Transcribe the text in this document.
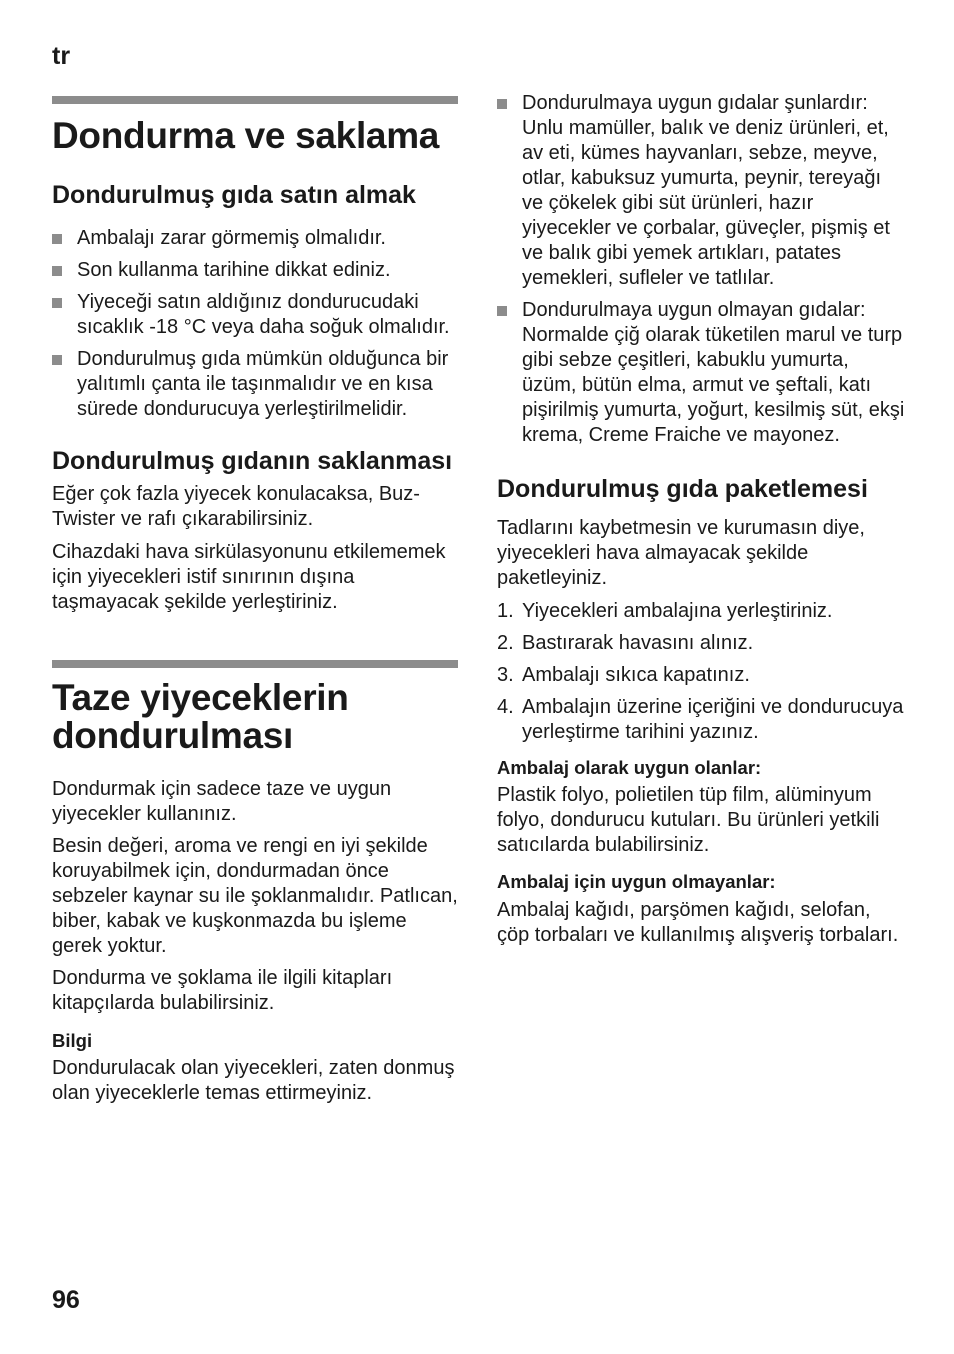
tr
Dondurma ve saklama
Dondurulmuş gıda satın almak
Ambalajı zarar görmemiş olmalıdır.
Son kullanma tarihine dikkat ediniz.
Yiyeceği satın aldığınız dondurucudaki sıcaklık -18 °C veya daha soğuk olmalıdır.
Dondurulmuş gıda mümkün olduğunca bir yalıtımlı çanta ile taşınmalıdır ve en kısa sürede dondurucuya yerleştirilmelidir.
Dondurulmuş gıdanın saklanması

Eğer çok fazla yiyecek konulacaksa, Buz-Twister ve rafı çıkarabilirsiniz.

Cihazdaki hava sirkülasyonunu etkilememek için yiyecekleri istif sınırının dışına taşmayacak şekilde yerleştiriniz.

Taze yiyeceklerin dondurulması

Dondurmak için sadece taze ve uygun yiyecekler kullanınız.

Besin değeri, aroma ve rengi en iyi şekilde koruyabilmek için, dondurmadan önce sebzeler kaynar su ile şoklanmalıdır. Patlıcan, biber, kabak ve kuşkonmazda bu işleme gerek yoktur.

Dondurma ve şoklama ile ilgili kitapları kitapçılarda bulabilirsiniz.

Bilgi

Dondurulacak olan yiyecekleri, zaten donmuş olan yiyeceklerle temas ettirmeyiniz.

Dondurulmaya uygun gıdalar şunlardır:
Unlu mamüller, balık ve deniz ürünleri, et, av eti, kümes hayvanları, sebze, meyve, otlar, kabuksuz yumurta, peynir, tereyağı ve çökelek gibi süt ürünleri, hazır yiyecekler ve çorbalar, güveçler, pişmiş et ve balık gibi yemek artıkları, patates yemekleri, sufleler ve tatlılar.
Dondurulmaya uygun olmayan gıdalar: Normalde çiğ olarak tüketilen marul ve turp gibi sebze çeşitleri, kabuklu yumurta, üzüm, bütün elma, armut ve şeftali, katı pişirilmiş yumurta, yoğurt, kesilmiş süt, ekşi krema, Creme Fraiche ve mayonez.
Dondurulmuş gıda paketlemesi

Tadlarını kaybetmesin ve kurumasın diye, yiyecekleri hava almayacak şekilde paketleyiniz.

1. Yiyecekleri ambalajına yerleştiriniz.
2. Bastırarak havasını alınız.
3. Ambalajı sıkıca kapatınız.
4. Ambalajın üzerine içeriğini ve dondurucuya yerleştirme tarihini yazınız.
Ambalaj olarak uygun olanlar:

Plastik folyo, polietilen tüp film, alüminyum folyo, dondurucu kutuları. Bu ürünleri yetkili satıcılarda bulabilirsiniz.

Ambalaj için uygun olmayanlar:

Ambalaj kağıdı, parşömen kağıdı, selofan, çöp torbaları ve kullanılmış alışveriş torbaları.

96
